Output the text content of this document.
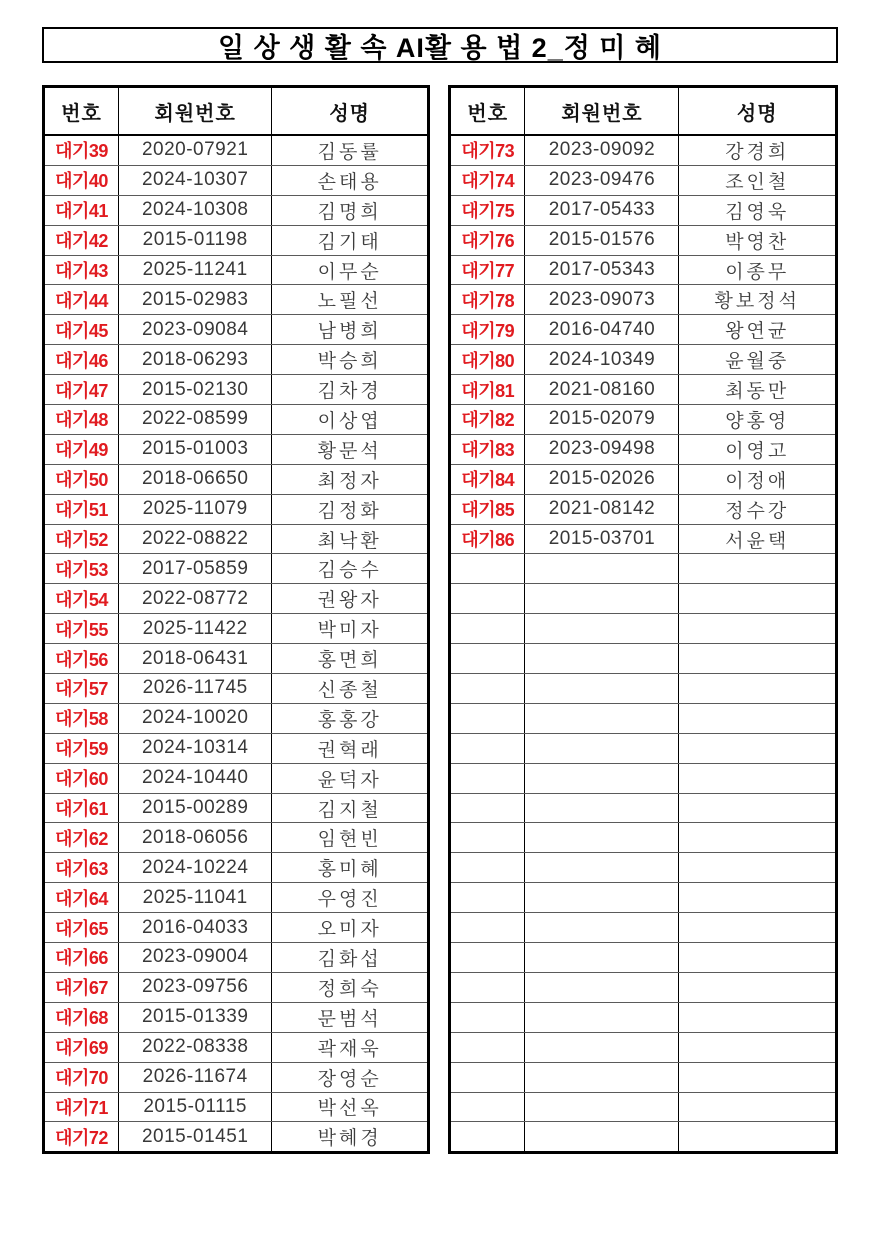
일 상 생 활 속 AI활 용 법 2_정 미 혜
번호	회원번호	성명
대기39	2020-07921	김동률
대기40	2024-10307	손태용
대기41	2024-10308	김명희
대기42	2015-01198	김기태
대기43	2025-11241	이무순
대기44	2015-02983	노필선
대기45	2023-09084	남병희
대기46	2018-06293	박승희
대기47	2015-02130	김차경
대기48	2022-08599	이상엽
대기49	2015-01003	황문석
대기50	2018-06650	최정자
대기51	2025-11079	김정화
대기52	2022-08822	최낙환
대기53	2017-05859	김승수
대기54	2022-08772	권왕자
대기55	2025-11422	박미자
대기56	2018-06431	홍면희
대기57	2026-11745	신종철
대기58	2024-10020	홍홍강
대기59	2024-10314	권혁래
대기60	2024-10440	윤덕자
대기61	2015-00289	김지철
대기62	2018-06056	임현빈
대기63	2024-10224	홍미혜
대기64	2025-11041	우영진
대기65	2016-04033	오미자
대기66	2023-09004	김화섭
대기67	2023-09756	정희숙
대기68	2015-01339	문범석
대기69	2022-08338	곽재욱
대기70	2026-11674	장영순
대기71	2015-01115	박선옥
대기72	2015-01451	박혜경
번호	회원번호	성명
대기73	2023-09092	강경희
대기74	2023-09476	조인철
대기75	2017-05433	김영욱
대기76	2015-01576	박영찬
대기77	2017-05343	이종무
대기78	2023-09073	황보정석
대기79	2016-04740	왕연균
대기80	2024-10349	윤월중
대기81	2021-08160	최동만
대기82	2015-02079	양홍영
대기83	2023-09498	이영고
대기84	2015-02026	이정애
대기85	2021-08142	정수강
대기86	2015-03701	서윤택
